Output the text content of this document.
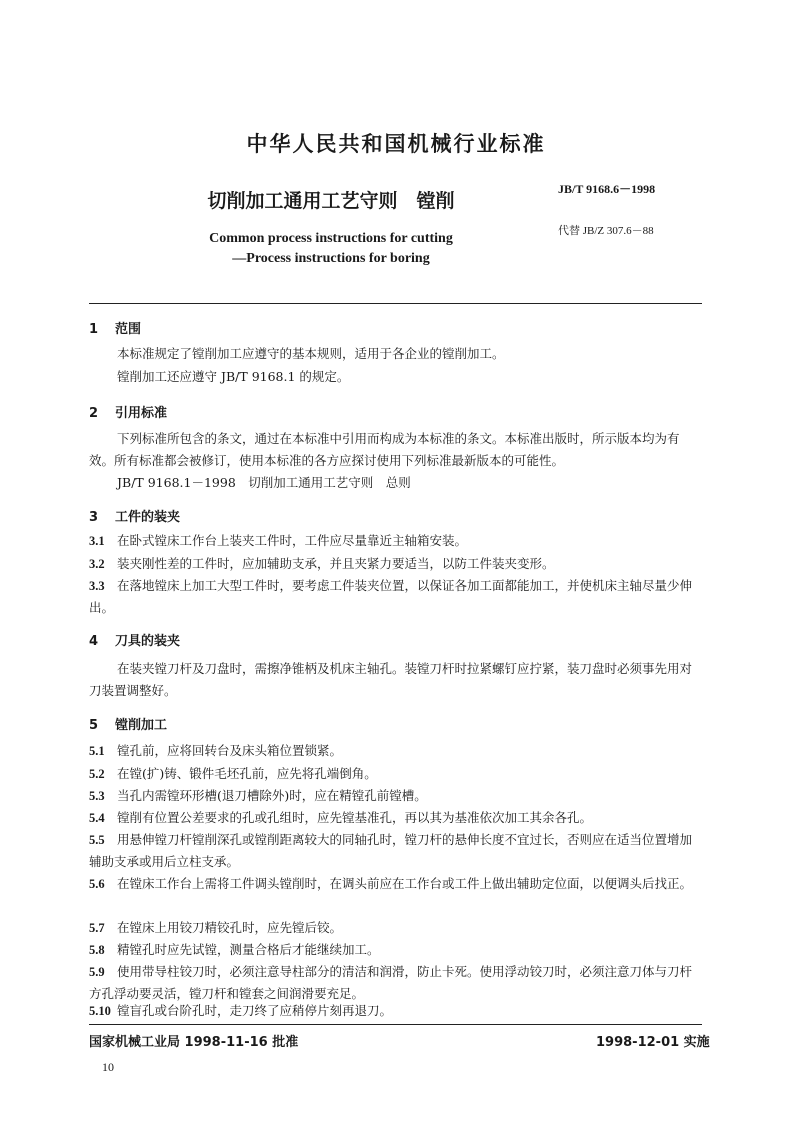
中华人民共和国机械行业标准
JB/T 9168.6－1998
切削加工通用工艺守则　镗削
Common process instructions for cutting
—Process instructions for boring
代替 JB/Z 307.6－88
1 范围
本标准规定了镗削加工应遵守的基本规则，适用于各企业的镗削加工。
镗削加工还应遵守 JB/T 9168.1 的规定。
2 引用标准
下列标准所包含的条文，通过在本标准中引用而构成为本标准的条文。本标准出版时，所示版本均为有效。所有标准都会被修订，使用本标准的各方应探讨使用下列标准最新版本的可能性。
JB/T 9168.1－1998　切削加工通用工艺守则　总则
3 工件的装夹
3.1 在卧式镗床工作台上装夹工件时，工件应尽量靠近主轴箱安装。
3.2 装夹刚性差的工件时，应加辅助支承，并且夹紧力要适当，以防工件装夹变形。
3.3 在落地镗床上加工大型工件时，要考虑工件装夹位置，以保证各加工面都能加工，并使机床主轴尽量少伸出。
4 刀具的装夹
在装夹镗刀杆及刀盘时，需擦净锥柄及机床主轴孔。装镗刀杆时拉紧螺钉应拧紧，装刀盘时必须事先用对刀装置调整好。
5 镗削加工
5.1 镗孔前，应将回转台及床头箱位置锁紧。
5.2 在镗(扩)铸、锻件毛坯孔前，应先将孔端倒角。
5.3 当孔内需镗环形槽(退刀槽除外)时，应在精镗孔前镗槽。
5.4 镗削有位置公差要求的孔或孔组时，应先镗基准孔，再以其为基准依次加工其余各孔。
5.5 用悬伸镗刀杆镗削深孔或镗削距离较大的同轴孔时，镗刀杆的悬伸长度不宜过长，否则应在适当位置增加辅助支承或用后立柱支承。
5.6 在镗床工作台上需将工件调头镗削时，在调头前应在工作台或工件上做出辅助定位面，以便调头后找正。
5.7 在镗床上用铰刀精铰孔时，应先镗后铰。
5.8 精镗孔时应先试镗，测量合格后才能继续加工。
5.9 使用带导柱铰刀时，必须注意导柱部分的清洁和润滑，防止卡死。使用浮动铰刀时，必须注意刀体与刀杆方孔浮动要灵活，镗刀杆和镗套之间润滑要充足。
5.10 镗盲孔或台阶孔时，走刀终了应稍停片刻再退刀。
国家机械工业局 1998-11-16 批准	1998-12-01 实施
10
